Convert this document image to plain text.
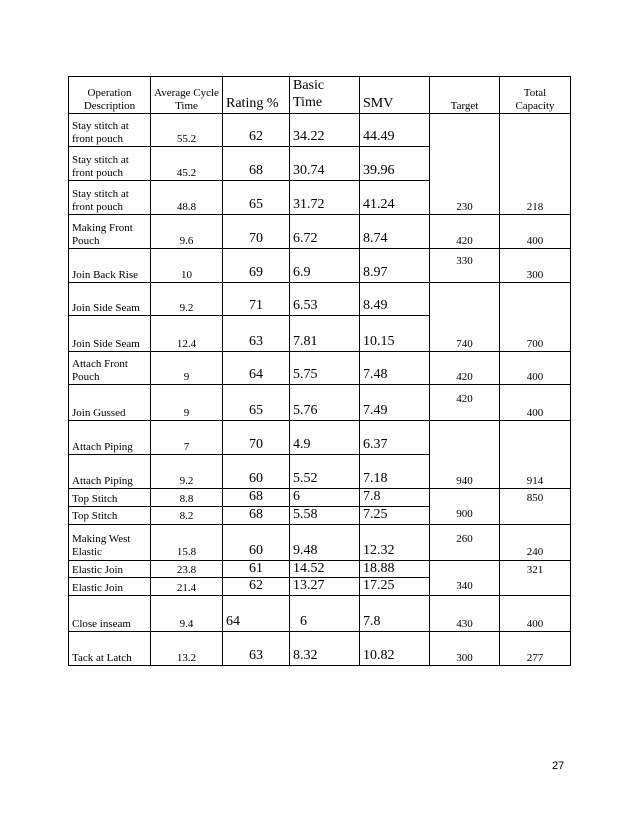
Operation Description	Average Cycle Time	Rating %	Basic Time	SMV	Target	Total Capacity
Stay stitch at front pouch	55.2	62	34.22	44.49	230	218
Stay stitch at front pouch	45.2	68	30.74	39.96		
Stay stitch at front pouch	48.8	65	31.72	41.24		
Making Front Pouch	9.6	70	6.72	8.74	420	400
Join Back Rise	10	69	6.9	8.97	330	300
Join Side Seam	9.2	71	6.53	8.49	740	700
Join Side Seam	12.4	63	7.81	10.15		
Attach Front Pouch	9	64	5.75	7.48	420	400
Join Gussed	9	65	5.76	7.49	420	400
Attach Piping	7	70	4.9	6.37	940	914
Attach Piping	9.2	60	5.52	7.18		
Top Stitch	8.8	68	6	7.8	900	850
Top Stitch	8.2	68	5.58	7.25		
Making West Elastic	15.8	60	9.48	12.32	260	240
Elastic Join	23.8	61	14.52	18.88	340	321
Elastic Join	21.4	62	13.27	17.25		
Close inseam	9.4	64	6	7.8	430	400
Tack at Latch	13.2	63	8.32	10.82	300	277
27
